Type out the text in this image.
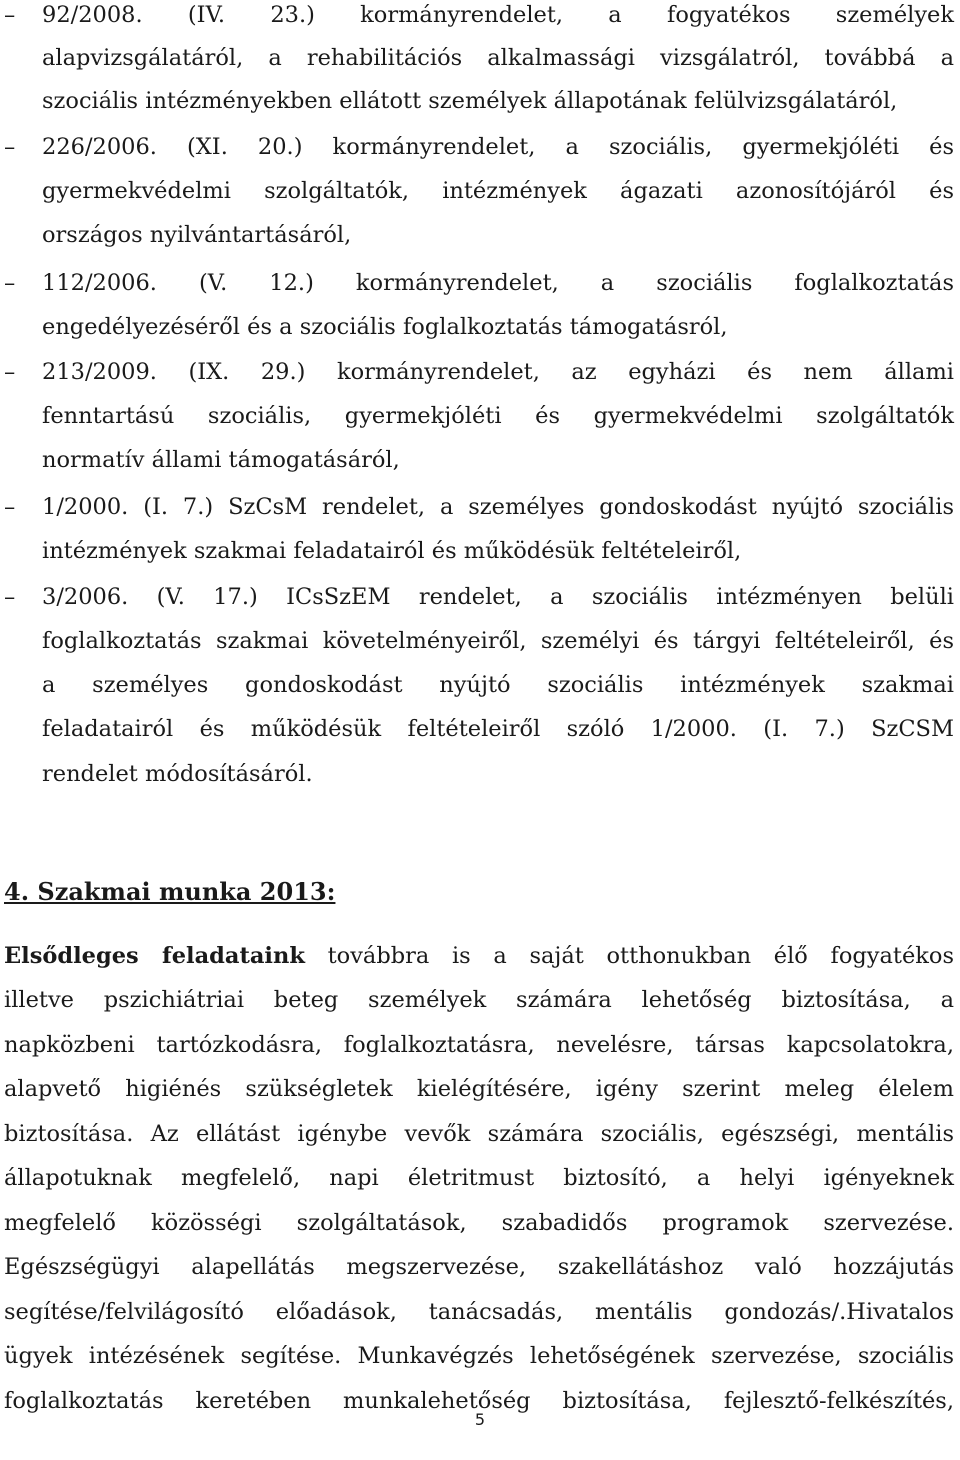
– 92/2008. (IV. 23.) kormányrendelet, a fogyatékos személyek
alapvizsgálatáról, a rehabilitációs alkalmassági vizsgálatról, továbbá a
szociális intézményekben ellátott személyek állapotának felülvizsgálatáról,
– 226/2006. (XI. 20.) kormányrendelet, a szociális, gyermekjóléti és
gyermekvédelmi szolgáltatók, intézmények ágazati azonosítójáról és
országos nyilvántartásáról,
– 112/2006. (V. 12.) kormányrendelet, a szociális foglalkoztatás
engedélyezéséről és a szociális foglalkoztatás támogatásról,
– 213/2009. (IX. 29.) kormányrendelet, az egyházi és nem állami
fenntartású szociális, gyermekjóléti és gyermekvédelmi szolgáltatók
normatív állami támogatásáról,
– 1/2000. (I. 7.) SzCsM rendelet, a személyes gondoskodást nyújtó szociális
intézmények szakmai feladatairól és működésük feltételeiről,
– 3/2006. (V. 17.) ICsSzEM rendelet, a szociális intézményen belüli
foglalkoztatás szakmai követelményeiről, személyi és tárgyi feltételeiről, és
a személyes gondoskodást nyújtó szociális intézmények szakmai
feladatairól és működésük feltételeiről szóló 1/2000. (I. 7.) SzCSM
rendelet módosításáról.
4. Szakmai munka 2013:
Elsődleges feladataink továbbra is a saját otthonukban élő fogyatékos
illetve pszichiátriai beteg személyek számára lehetőség biztosítása, a
napközbeni tartózkodásra, foglalkoztatásra, nevelésre, társas kapcsolatokra,
alapvető higiénés szükségletek kielégítésére, igény szerint meleg élelem
biztosítása. Az ellátást igénybe vevők számára szociális, egészségi, mentális
állapotuknak megfelelő, napi életritmust biztosító, a helyi igényeknek
megfelelő közösségi szolgáltatások, szabadidős programok szervezése.
Egészségügyi alapellátás megszervezése, szakellátáshoz való hozzájutás
segítése/felvilágosító előadások, tanácsadás, mentális gondozás/.Hivatalos
ügyek intézésének segítése. Munkavégzés lehetőségének szervezése, szociális
foglalkoztatás keretében munkalehetőség biztosítása, fejlesztő-felkészítés,
5
